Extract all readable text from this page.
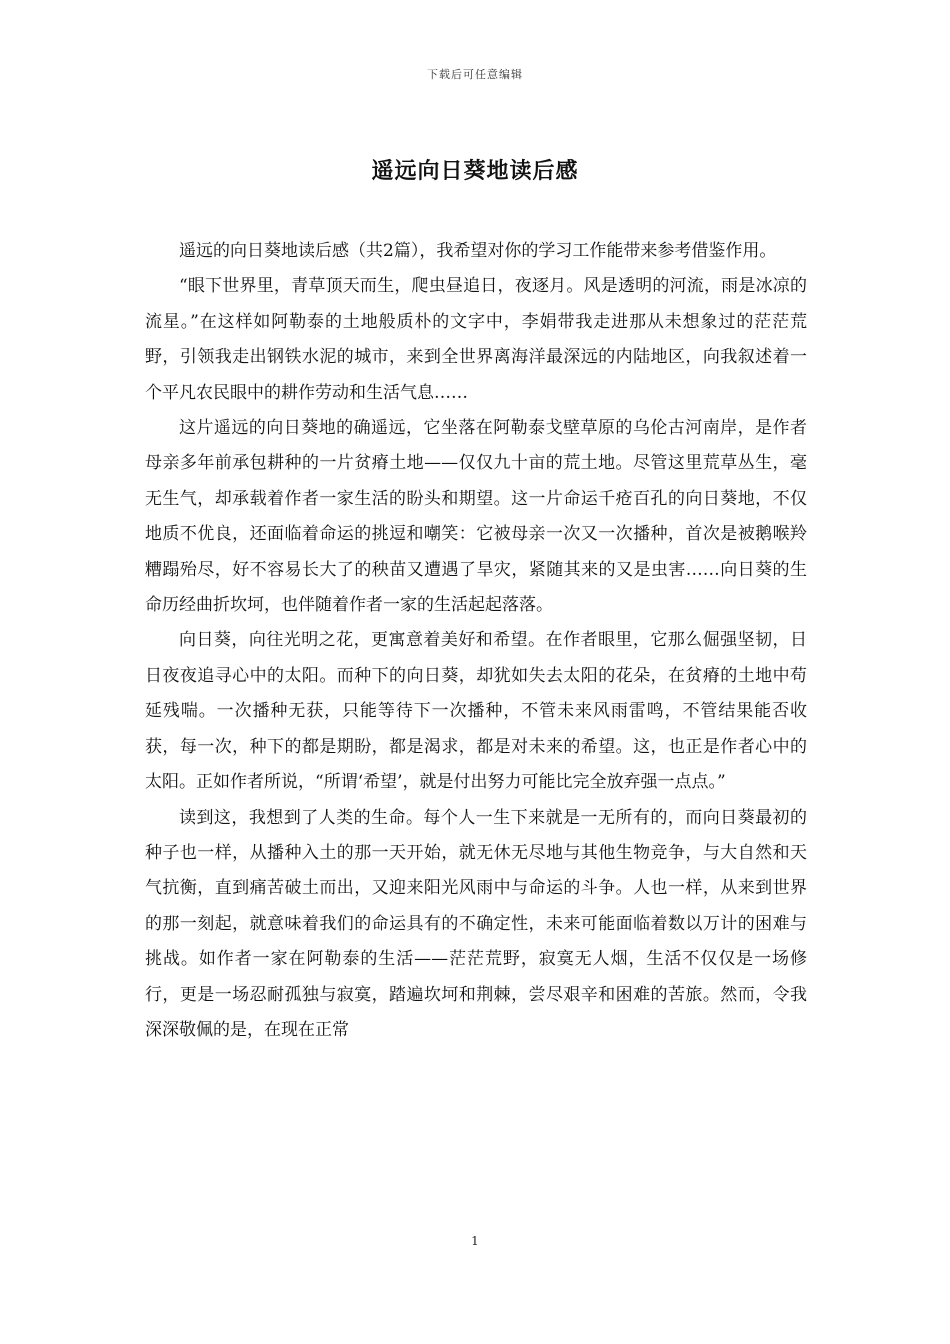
下载后可任意编辑
遥远向日葵地读后感

遥远的向日葵地读后感（共2篇），我希望对你的学习工作能带来参考借鉴作用。

“眼下世界里，青草顶天而生，爬虫昼追日，夜逐月。风是透明的河流，雨是冰凉的流星。”在这样如阿勒泰的土地般质朴的文字中，李娟带我走进那从未想象过的茫茫荒野，引领我走出钢铁水泥的城市，来到全世界离海洋最深远的内陆地区，向我叙述着一个平凡农民眼中的耕作劳动和生活气息……

这片遥远的向日葵地的确遥远，它坐落在阿勒泰戈壁草原的乌伦古河南岸，是作者母亲多年前承包耕种的一片贫瘠土地——仅仅九十亩的荒土地。尽管这里荒草丛生，毫无生气，却承载着作者一家生活的盼头和期望。这一片命运千疮百孔的向日葵地，不仅地质不优良，还面临着命运的挑逗和嘲笑：它被母亲一次又一次播种，首次是被鹅喉羚糟蹋殆尽，好不容易长大了的秧苗又遭遇了旱灾，紧随其来的又是虫害……向日葵的生命历经曲折坎坷，也伴随着作者一家的生活起起落落。

向日葵，向往光明之花，更寓意着美好和希望。在作者眼里，它那么倔强坚韧，日日夜夜追寻心中的太阳。而种下的向日葵，却犹如失去太阳的花朵，在贫瘠的土地中苟延残喘。一次播种无获，只能等待下一次播种，不管未来风雨雷鸣，不管结果能否收获，每一次，种下的都是期盼，都是渴求，都是对未来的希望。这，也正是作者心中的太阳。正如作者所说，“所谓‘希望’，就是付出努力可能比完全放弃强一点点。”

读到这，我想到了人类的生命。每个人一生下来就是一无所有的，而向日葵最初的种子也一样，从播种入土的那一天开始，就无休无尽地与其他生物竞争，与大自然和天气抗衡，直到痛苦破土而出，又迎来阳光风雨中与命运的斗争。人也一样，从来到世界的那一刻起，就意味着我们的命运具有的不确定性，未来可能面临着数以万计的困难与挑战。如作者一家在阿勒泰的生活——茫茫荒野，寂寞无人烟，生活不仅仅是一场修行，更是一场忍耐孤独与寂寞，踏遍坎坷和荆棘，尝尽艰辛和困难的苦旅。然而，令我深深敬佩的是，在现在正常

1
